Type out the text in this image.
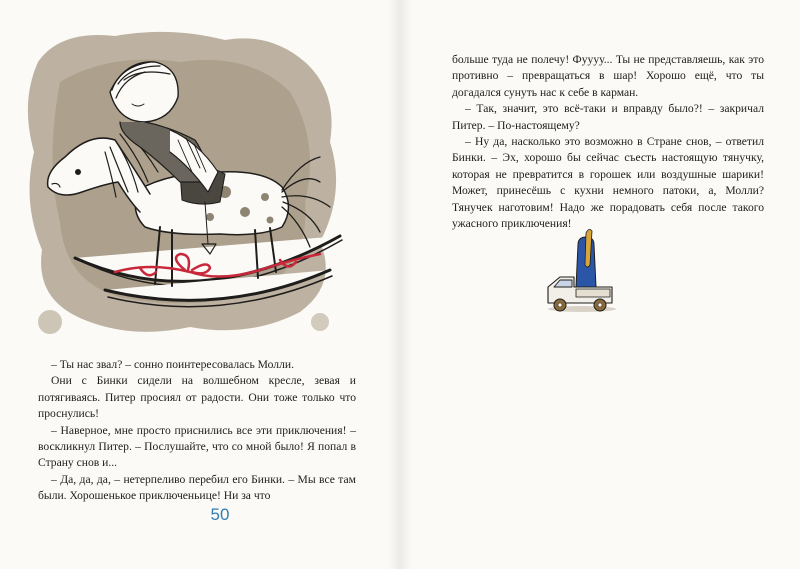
– Ты нас звал? – сонно поинтересовалась Молли.

Они с Бинки сидели на волшебном кресле, зевая и потягиваясь. Питер просиял от радости. Они тоже только что проснулись!

– Наверное, мне просто приснились все эти приключения! – воскликнул Питер. – Послушайте, что со мной было! Я попал в Страну снов и...

– Да, да, да, – нетерпеливо перебил его Бинки. – Мы все там были. Хорошенькое приключеньице! Ни за что

50

больше туда не полечу! Фуууу... Ты не представляешь, как это противно – превращаться в шар! Хорошо ещё, что ты догадался сунуть нас к себе в карман.

– Так, значит, это всё-таки и вправду было?! – закричал Питер. – По-настоящему?

– Ну да, насколько это возможно в Стране снов, – ответил Бинки. – Эх, хорошо бы сейчас съесть настоящую тянучку, которая не превратится в горошек или воздушные шарики! Может, принесёшь с кухни немного патоки, а, Молли? Тянучек наготовим! Надо же порадовать себя после такого ужасного приключения!
